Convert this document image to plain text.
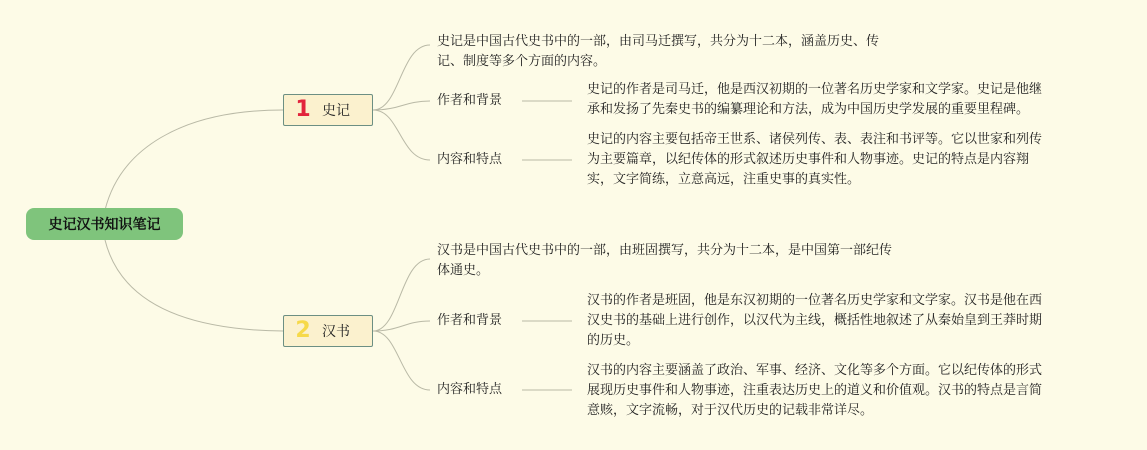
史记汉书知识笔记
1 史记
史记是中国古代史书中的一部，由司马迁撰写，共分为十二本，涵盖历史、传
记、制度等多个方面的内容。
作者和背景
史记的作者是司马迁，他是西汉初期的一位著名历史学家和文学家。史记是他继
承和发扬了先秦史书的编纂理论和方法，成为中国历史学发展的重要里程碑。
内容和特点
史记的内容主要包括帝王世系、诸侯列传、表、表注和书评等。它以世家和列传
为主要篇章，以纪传体的形式叙述历史事件和人物事迹。史记的特点是内容翔
实，文字简练，立意高远，注重史事的真实性。
2 汉书
汉书是中国古代史书中的一部，由班固撰写，共分为十二本，是中国第一部纪传
体通史。
作者和背景
汉书的作者是班固，他是东汉初期的一位著名历史学家和文学家。汉书是他在西
汉史书的基础上进行创作，以汉代为主线，概括性地叙述了从秦始皇到王莽时期
的历史。
内容和特点
汉书的内容主要涵盖了政治、军事、经济、文化等多个方面。它以纪传体的形式
展现历史事件和人物事迹，注重表达历史上的道义和价值观。汉书的特点是言简
意赅，文字流畅，对于汉代历史的记载非常详尽。
